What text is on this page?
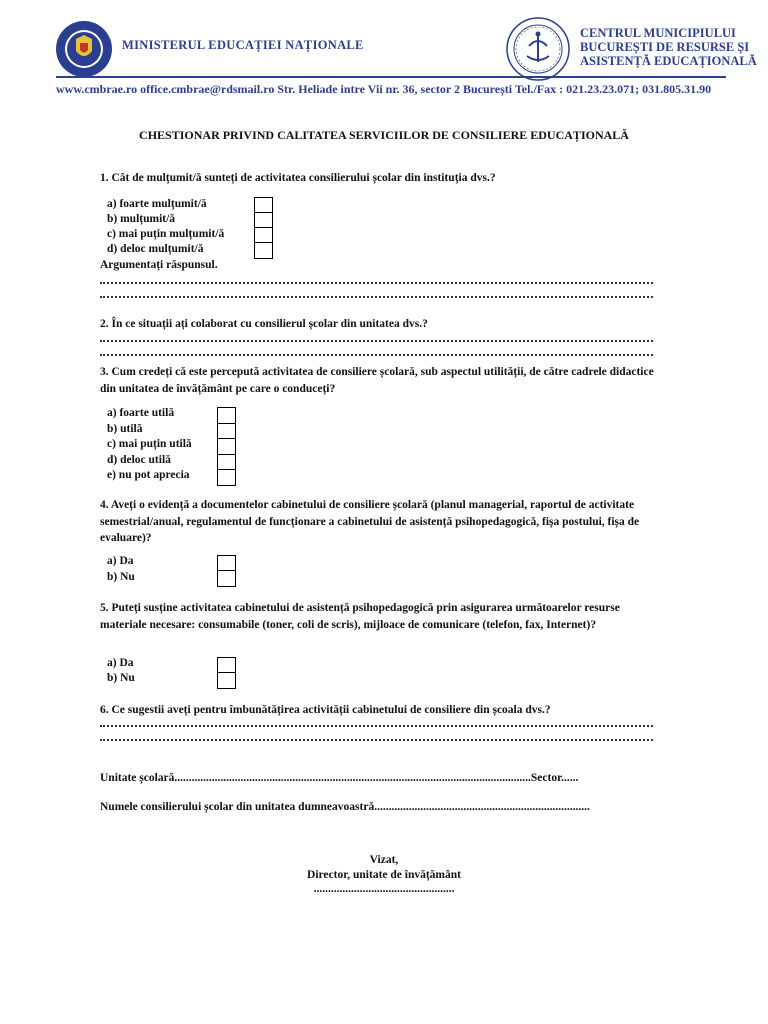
MINISTERUL EDUCAȚIEI NAȚIONALE
CENTRUL MUNICIPIULUI
BUCUREȘTI DE RESURSE ȘI
ASISTENȚĂ EDUCAȚIONALĂ
www.cmbrae.ro office.cmbrae@rdsmail.ro Str. Heliade intre Vii nr. 36, sector 2 București Tel./Fax : 021.23.23.071; 031.805.31.90
CHESTIONAR PRIVIND CALITATEA SERVICIILOR DE CONSILIERE EDUCAȚIONALĂ
1. Cât de mulțumit/ă sunteți de activitatea consilierului școlar din instituția dvs.?
a) foarte mulțumit/ă
b) mulțumit/ă
c) mai puțin mulțumit/ă
d) deloc mulțumit/ă
Argumentați răspunsul.
2. În ce situații ați colaborat cu consilierul școlar din unitatea dvs.?
3. Cum credeți că este percepută activitatea de consiliere școlară, sub aspectul utilității, de către cadrele didactice din unitatea de învățământ pe care o conduceți?
a) foarte utilă
b) utilă
c) mai puțin utilă
d) deloc utilă
e) nu pot aprecia
4. Aveți o evidență a documentelor cabinetului de consiliere școlară (planul managerial, raportul de activitate semestrial/anual, regulamentul de funcționare a cabinetului de asistență psihopedagogică, fișa postului, fișa de evaluare)?
a) Da
b) Nu
5. Puteți susține activitatea cabinetului de asistență psihopedagogică prin asigurarea următoarelor resurse materiale necesare: consumabile (toner, coli de scris), mijloace de comunicare (telefon, fax, Internet)?
a) Da
b) Nu
6. Ce sugestii aveți pentru îmbunătățirea activității cabinetului de consiliere din școala dvs.?
Unitate școlară............................................................................................................................Sector......
Numele consilierului școlar din unitatea dumneavoastră...........................................................................
Vizat,
Director, unitate de învățământ
.................................................
